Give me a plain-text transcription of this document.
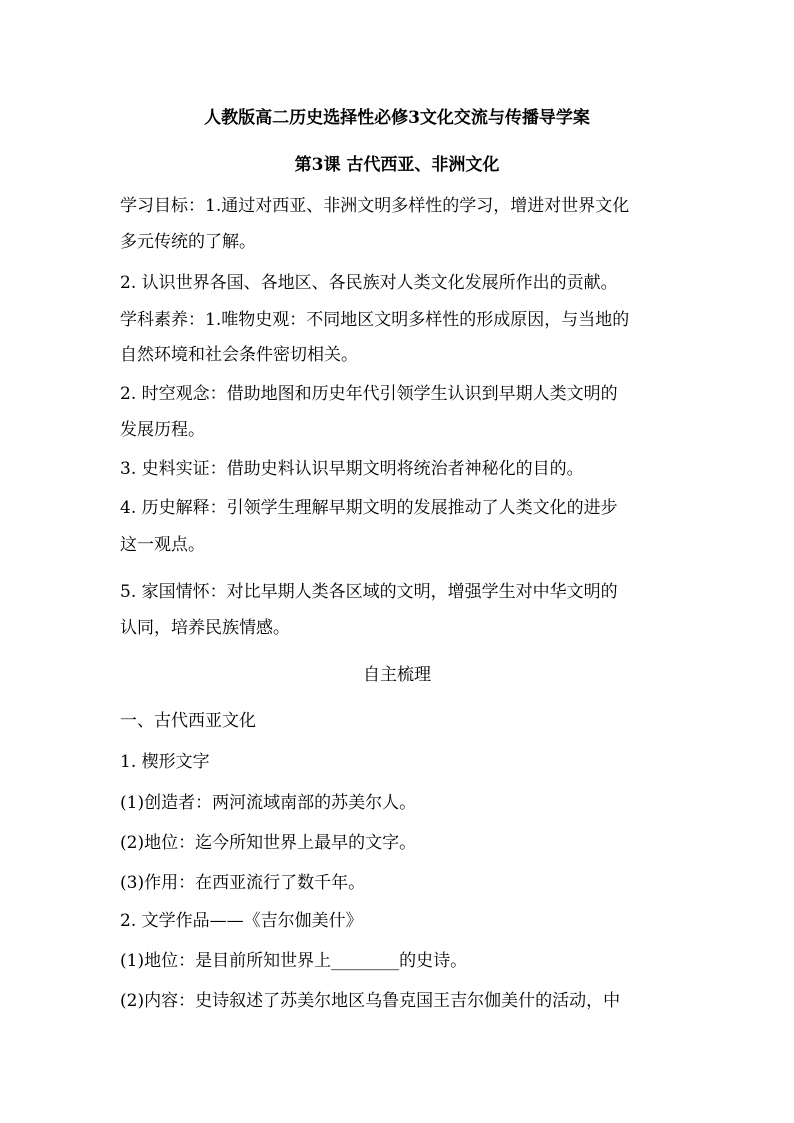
人教版高二历史选择性必修3文化交流与传播导学案
第3课 古代西亚、非洲文化
学习目标：1.通过对西亚、非洲文明多样性的学习，增进对世界文化
多元传统的了解。
2. 认识世界各国、各地区、各民族对人类文化发展所作出的贡献。
学科素养：1.唯物史观：不同地区文明多样性的形成原因，与当地的
自然环境和社会条件密切相关。
2. 时空观念：借助地图和历史年代引领学生认识到早期人类文明的
发展历程。
3. 史料实证：借助史料认识早期文明将统治者神秘化的目的。
4. 历史解释：引领学生理解早期文明的发展推动了人类文化的进步
这一观点。
5. 家国情怀：对比早期人类各区域的文明，增强学生对中华文明的
认同，培养民族情感。
自主梳理
一、古代西亚文化
1. 楔形文字
(1)创造者：两河流域南部的苏美尔人。
(2)地位：迄今所知世界上最早的文字。
(3)作用：在西亚流行了数千年。
2. 文学作品——《吉尔伽美什》
(1)地位：是目前所知世界上________的史诗。
(2)内容：史诗叙述了苏美尔地区乌鲁克国王吉尔伽美什的活动，中
